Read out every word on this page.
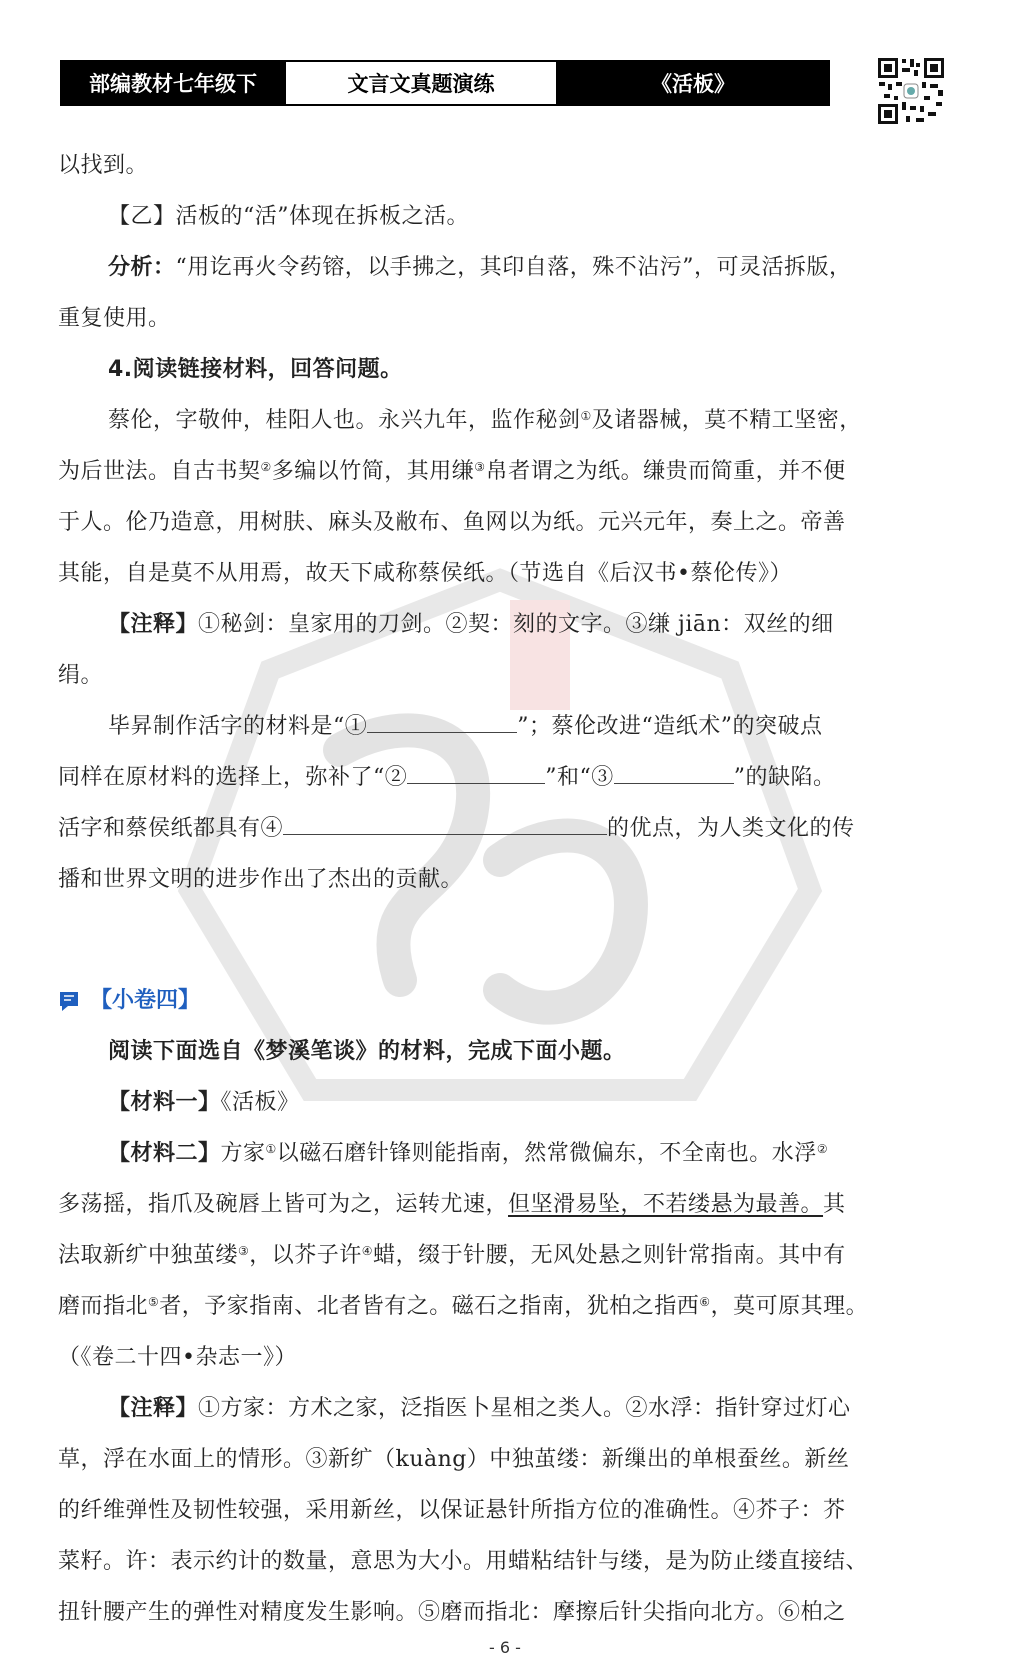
部编教材七年级下	文言文真题演练	《活板》
以找到。
【乙】活板的“活”体现在拆板之活。
分析：“用讫再火令药镕，以手拂之，其印自落，殊不沾污”，可灵活拆版，
重复使用。
4.阅读链接材料，回答问题。
蔡伦，字敬仲，桂阳人也。永兴九年，监作秘剑①及诸器械，莫不精工坚密，
为后世法。自古书契②多编以竹简，其用缣③帛者谓之为纸。缣贵而简重，并不便
于人。伦乃造意，用树肤、麻头及敝布、鱼网以为纸。元兴元年，奏上之。帝善
其能，自是莫不从用焉，故天下咸称蔡侯纸。（节选自《后汉书•蔡伦传》）
【注释】①秘剑：皇家用的刀剑。②契：刻的文字。③缣 jiān：双丝的细
绢。
毕昇制作活字的材料是“①	”；蔡伦改进“造纸术”的突破点
同样在原材料的选择上，弥补了“②	”和“③	”的缺陷。
活字和蔡侯纸都具有④	的优点，为人类文化的传
播和世界文明的进步作出了杰出的贡献。
【小卷四】
阅读下面选自《梦溪笔谈》的材料，完成下面小题。
【材料一】《活板》
【材料二】方家①以磁石磨针锋则能指南，然常微偏东，不全南也。水浮②
多荡摇，指爪及碗唇上皆可为之，运转尤速，但坚滑易坠，不若缕悬为最善。其
法取新纩中独茧缕③，以芥子许④蜡，缀于针腰，无风处悬之则针常指南。其中有
磨而指北⑤者，予家指南、北者皆有之。磁石之指南，犹柏之指西⑥，莫可原其理。
（《卷二十四•杂志一》）
【注释】①方家：方术之家，泛指医卜星相之类人。②水浮：指针穿过灯心
草，浮在水面上的情形。③新纩（kuàng）中独茧缕：新缫出的单根蚕丝。新丝
的纤维弹性及韧性较强，采用新丝，以保证悬针所指方位的准确性。④芥子：芥
菜籽。许：表示约计的数量，意思为大小。用蜡粘结针与缕，是为防止缕直接结、
扭针腰产生的弹性对精度发生影响。⑤磨而指北：摩擦后针尖指向北方。⑥柏之
- 6 -
